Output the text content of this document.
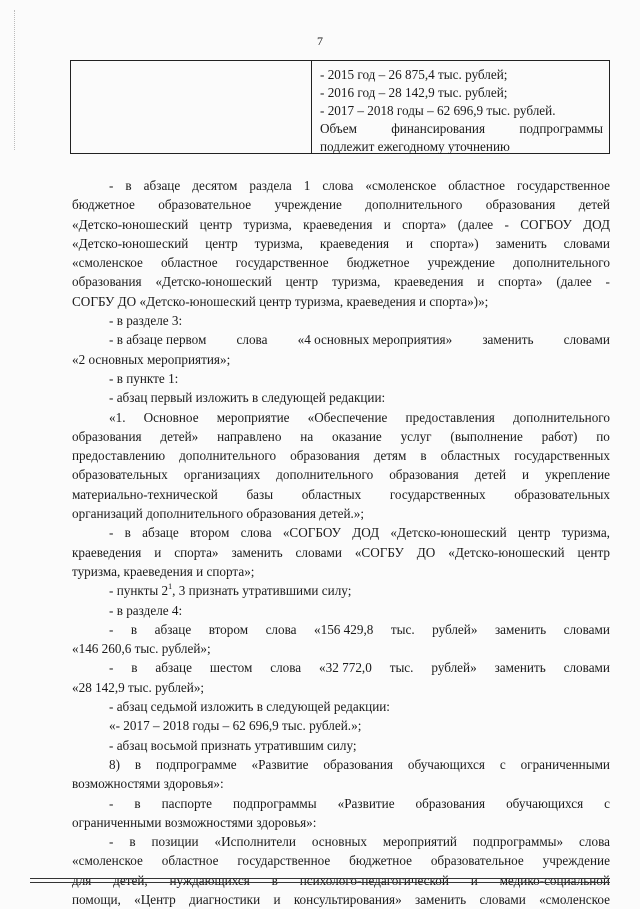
7
- 2015 год – 26 875,4 тыс. рублей;
- 2016 год – 28 142,9 тыс. рублей;
- 2017 – 2018 годы – 62 696,9 тыс. рублей.
Объем	финансирования	подпрограммы
подлежит ежегодному уточнению
- в абзаце десятом раздела 1 слова «смоленское областное государственное
бюджетное образовательное учреждение дополнительного образования детей
«Детско-юношеский центр туризма, краеведения и спорта» (далее - СОГБОУ ДОД
«Детско-юношеский центр туризма, краеведения и спорта») заменить словами
«смоленское областное государственное бюджетное учреждение дополнительного
образования «Детско-юношеский центр туризма, краеведения и спорта» (далее -
СОГБУ ДО «Детско-юношеский центр туризма, краеведения и спорта»)»;
- в разделе 3:
- в абзаце первом слова «4 основных мероприятия» заменить словами
«2 основных мероприятия»;
- в пункте 1:
- абзац первый изложить в следующей редакции:
«1. Основное мероприятие «Обеспечение предоставления дополнительного
образования детей» направлено на оказание услуг (выполнение работ) по
предоставлению дополнительного образования детям в областных государственных
образовательных организациях дополнительного образования детей и укрепление
материально-технической базы областных государственных образовательных
организаций дополнительного образования детей.»;
- в абзаце втором слова «СОГБОУ ДОД «Детско-юношеский центр туризма,
краеведения и спорта» заменить словами «СОГБУ ДО «Детско-юношеский центр
туризма, краеведения и спорта»;
- пункты $2^1$, 3 признать утратившими силу;
- в разделе 4:
- в абзаце втором слова «156 429,8 тыс. рублей» заменить словами
«146 260,6 тыс. рублей»;
- в абзаце шестом слова «32 772,0 тыс. рублей» заменить словами
«28 142,9 тыс. рублей»;
- абзац седьмой изложить в следующей редакции:
«- 2017 – 2018 годы – 62 696,9 тыс. рублей.»;
- абзац восьмой признать утратившим силу;
8) в подпрограмме «Развитие образования обучающихся с ограниченными
возможностями здоровья»:
- в паспорте подпрограммы «Развитие образования обучающихся с
ограниченными возможностями здоровья»:
- в позиции «Исполнители основных мероприятий подпрограммы» слова
«смоленское областное государственное бюджетное образовательное учреждение
для детей, нуждающихся в психолого-педагогической и медико-социальной
помощи, «Центр диагностики и консультирования» заменить словами «смоленское
